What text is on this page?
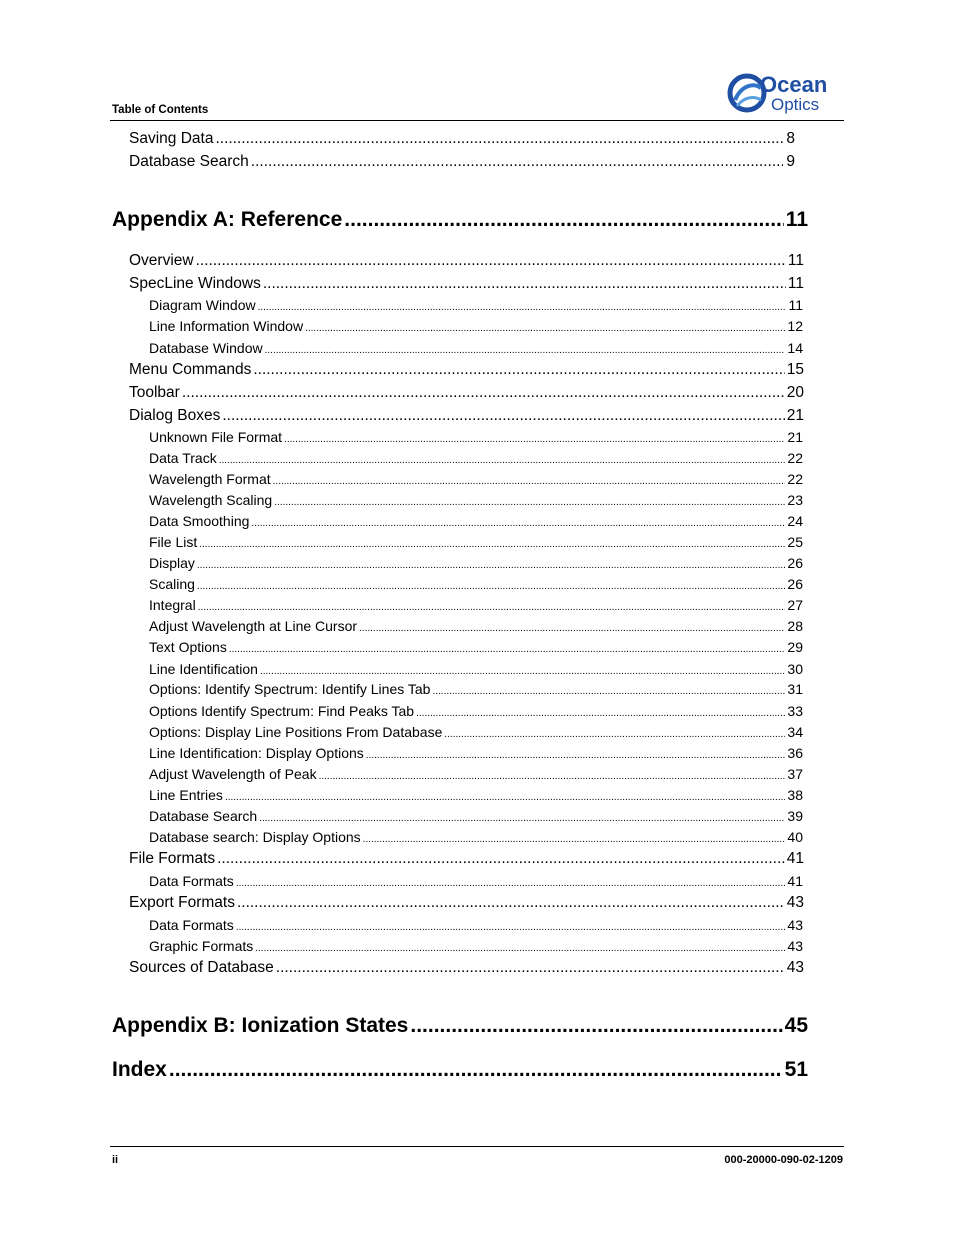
Table of Contents
Ocean
Optics
Saving Data .....	8
Database Search .....	9
Appendix A: Reference .....	11
Overview .....	11
SpecLine Windows .....	11
Diagram Window .....	11
Line Information Window .....	12
Database Window .....	14
Menu Commands .....	15
Toolbar .....	20
Dialog Boxes .....	21
Unknown File Format .....	21
Data Track .....	22
Wavelength Format .....	22
Wavelength Scaling .....	23
Data Smoothing .....	24
File List .....	25
Display .....	26
Scaling .....	26
Integral .....	27
Adjust Wavelength at Line Cursor .....	28
Text Options .....	29
Line Identification .....	30
Options: Identify Spectrum: Identify Lines Tab .....	31
Options Identify Spectrum: Find Peaks Tab .....	33
Options: Display Line Positions From Database .....	34
Line Identification: Display Options .....	36
Adjust Wavelength of Peak .....	37
Line Entries .....	38
Database Search .....	39
Database search: Display Options .....	40
File Formats .....	41
Data Formats .....	41
Export Formats .....	43
Data Formats .....	43
Graphic Formats .....	43
Sources of Database .....	43
Appendix B: Ionization States .....	45
Index .....	51
ii	000-20000-090-02-1209
